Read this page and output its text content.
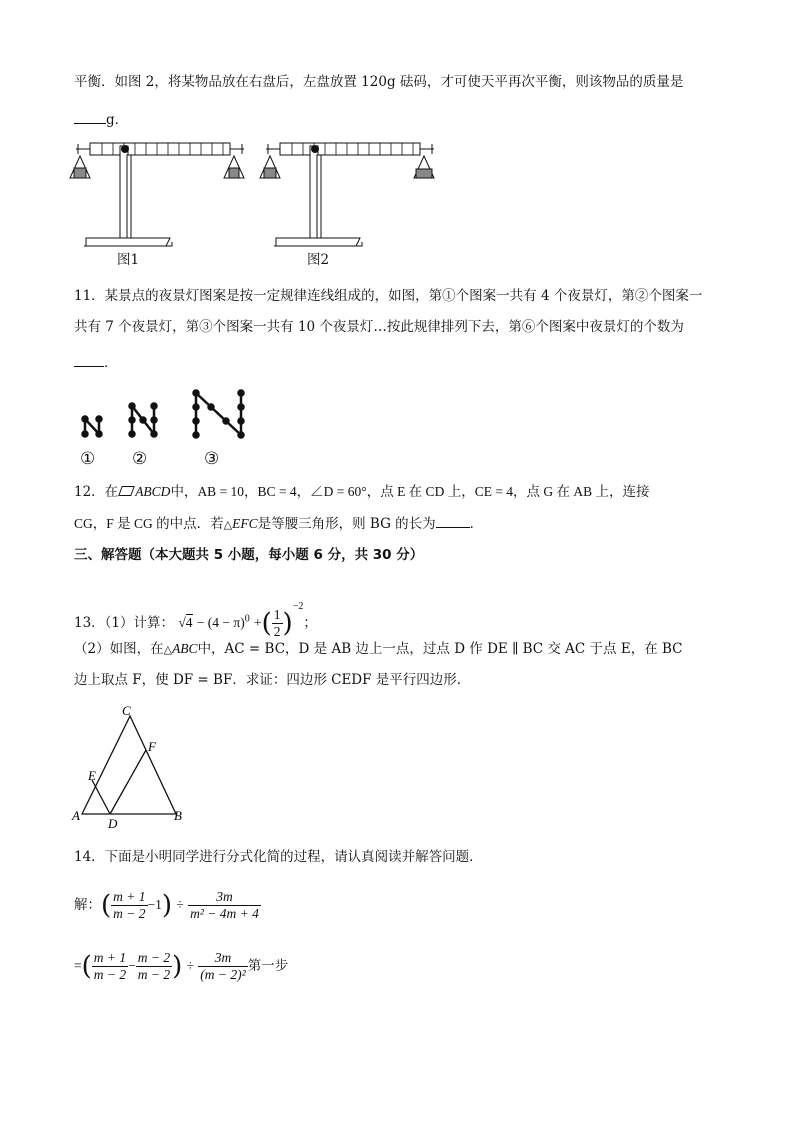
平衡．如图 2，将某物品放在右盘后，左盘放置 120g 砝码，才可使天平再次平衡，则该物品的质量是
g．
图1	图2
11．某景点的夜景灯图案是按一定规律连线组成的，如图，第①个图案一共有 4 个夜景灯，第②个图案一
共有 7 个夜景灯，第③个图案一共有 10 个夜景灯…按此规律排列下去，第⑥个图案中夜景灯的个数为
．
① ②	③
12．在 ABCD中，AB = 10，BC = 4，∠D = 60°，点 E 在 CD 上，CE = 4，点 G 在 AB 上，连接
CG，F 是 CG 的中点．若△EFC是等腰三角形，则 BG 的长为	．
三、解答题（本大题共 5 小题，每小题 6 分，共 30 分）
13．（1）计算： $√4 - (4 - \pi)^0$ +( $\frac{1}{2} )^{-2}$；
（2）如图，在△ABC中，AC = BC，D 是 AB 边上一点，过点 D 作 DE ∥ BC 交 AC 于点 E，在 BC
边上取点 F，使 DF = BF．求证：四边形 CEDF 是平行四边形．
C
F
E
A
D
B
14．下面是小明同学进行分式化简的过程，请认真阅读并解答问题．
解：( $\frac{m + 1}{m - 2} -1) \div \frac{3m}{\text{m² − 4m + 4}}$
=( $\frac{m + 1}{m - 2} - \frac{m - 2}{m - 2}$ ) ÷ $\frac{3m}{\text{(m − 2)²}}$ 第一步
